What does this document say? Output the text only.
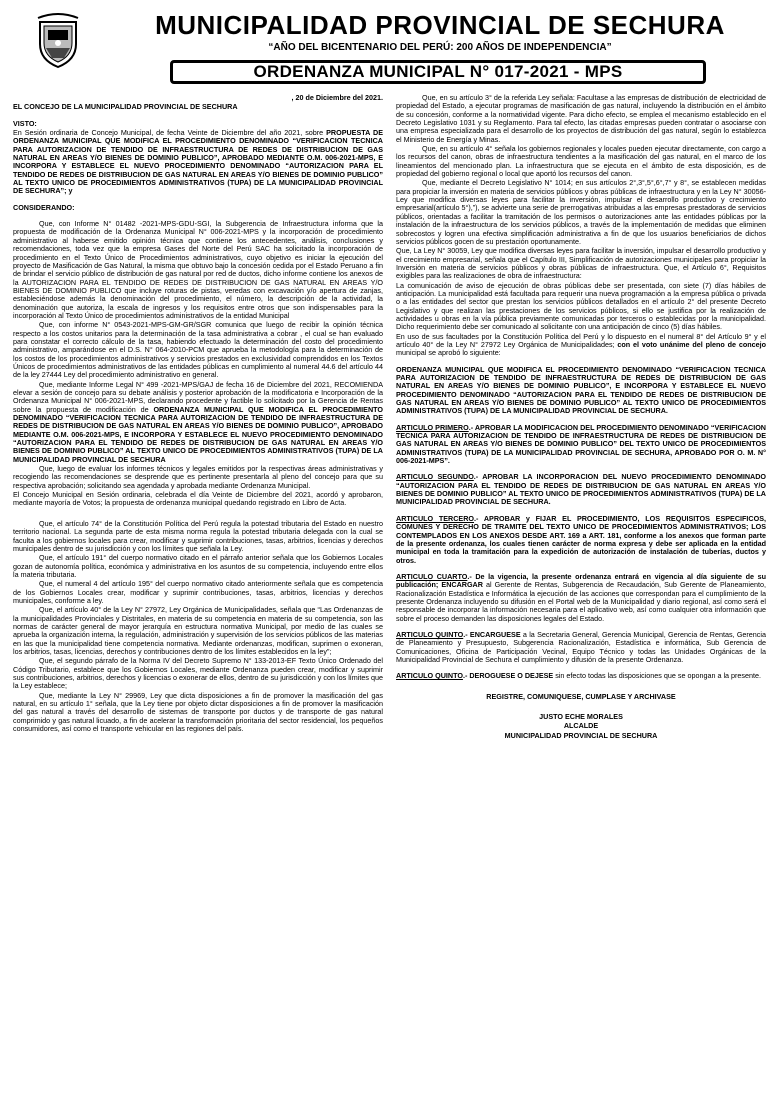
MUNICIPALIDAD PROVINCIAL DE SECHURA
“AÑO DEL BICENTENARIO DEL PERÚ: 200 AÑOS DE INDEPENDENCIA”
ORDENANZA MUNICIPAL N° 017-2021 - MPS

, 20 de Diciembre del 2021.

EL CONCEJO DE LA MUNICIPALIDAD PROVINCIAL DE SECHURA

VISTO:

En Sesión ordinaria de Concejo Municipal, de fecha Veinte de Diciembre del año 2021, sobre PROPUESTA DE ORDENANZA MUNICIPAL QUE MODIFICA EL PROCEDIMIENTO DENOMINADO “VERIFICACION TECNICA PARA AUTORIZACION DE TENDIDO DE INFRAESTRUCTURA DE REDES DE DISTRIBUCION DE GAS NATURAL EN AREAS Y/O BIENES DE DOMINIO PUBLICO”, APROBADO MEDIANTE O.M. 006-2021-MPS, E INCORPORA Y ESTABLECE EL NUEVO PROCEDIMIENTO DENOMINADO “AUTORIZACION PARA EL TENDIDO DE REDES DE DISTRIBUCION DE GAS NATURAL EN AREAS Y/O BIENES DE DOMINIO PUBLICO” AL TEXTO UNICO DE PROCEDIMIENTOS ADMINISTRATIVOS (TUPA) DE LA MUNICIPALIDAD PROVINCIAL DE SECHURA”; y

CONSIDERANDO:

Que, con Informe N° 01482 -2021-MPS-GDU-SGI, la Subgerencia de Infraestructura informa que la propuesta de modificación de la Ordenanza Municipal N° 006-2021-MPS y la incorporación de procedimiento administrativo al haberse emitido opinión técnica que contiene los antecedentes, análisis, conclusiones y recomendaciones, toda vez que la empresa Gases del Norte del Perú SAC ha solicitado la incorporación de procedimiento en el Texto Único de Procedimientos administrativos, cuyo objetivo es iniciar la ejecución del proyecto de Masificación de Gas Natural, la misma que obtuvo bajo la concesión cedida por el Estado Peruano a fin de brindar el servicio público de distribución de gas natural por red de ductos, dicho informe contiene los anexos de la AUTORIZACION PARA EL TENDIDO DE REDES DE DISTRIBUCION DE GAS NATURAL EN AREAS Y/O BIENES DE DOMINIO PUBLICO que incluye roturas de pistas, veredas con excavación y/o apertura de zanjas, estableciéndose además la denominación del procedimiento, el número, la descripción de la actividad, la denominación que autoriza, la escala de ingresos y los requisitos entre otros que son indispensables para la incorporación al Texto Único de procedimientos administrativos de la entidad Municipal

Que, con informe N° 0543-2021-MPS-GM-GR/SGR comunica que luego de recibir la opinión técnica respecto a los costos unitarios para la determinación de la tasa administrativa a cobrar , el cual se han evaluado para constatar el correcto cálculo de la tasa, habiendo efectuado la determinación del costo del procedimiento administrativo, amparándose en el D.S. N° 064-2010-PCM que aprueba la metodología para la determinación de los costos de los procedimientos administrativos y servicios prestados en exclusividad comprendidos en los Textos Únicos de procedimientos administrativos de las entidades públicas en cumplimiento al numeral 44.6 del artículo 44 de la ley 27444 Ley del procedimiento administrativo en general.

Que, mediante Informe Legal N° 499 -2021-MPS/GAJ de fecha 16 de Diciembre del 2021, RECOMIENDA elevar a sesión de concejo para su debate análisis y posterior aprobación de la modificatoria e Incorporación de la Ordenanza Municipal N° 006-2021-MPS, declarando procedente y factible lo solicitado por la Gerencia de Rentas sobre la propuesta de modificación de ORDENANZA MUNICIPAL QUE MODIFICA EL PROCEDIMIENTO DENOMINADO “VERIFICACION TECNICA PARA AUTORIZACION DE TENDIDO DE INFRAESTRUCTURA DE REDES DE DISTRIBUCION DE GAS NATURAL EN AREAS Y/O BIENES DE DOMINIO PUBLICO”, APROBADO MEDIANTE O.M. 006-2021-MPS, E INCORPORA Y ESTABLECE EL NUEVO PROCEDIMIENTO DENOMINADO “AUTORIZACION PARA EL TENDIDO DE REDES DE DISTRIBUCION DE GAS NATURAL EN AREAS Y/O BIENES DE DOMINIO PUBLICO” AL TEXTO UNICO DE PROCEDIMIENTOS ADMINISTRATIVOS (TUPA) DE LA MUNICIPALIDAD PROVINCIAL DE SECHURA

Que, luego de evaluar los informes técnicos y legales emitidos por la respectivas áreas administrativas y recogiendo las recomendaciones se desprende que es pertinente presentarla al pleno del concejo para que su respectiva aprobación; solicitando sea agendada y aprobada mediante Ordenanza Municipal.

El Concejo Municipal en Sesión ordinaria, celebrada el día Veinte de Diciembre del 2021, acordó y aprobaron, mediante mayoría de Votos; la propuesta de ordenanza municipal quedando registrado en Libro de Acta.

Que, el artículo 74° de la Constitución Política del Perú regula la potestad tributaria del Estado en nuestro territorio nacional. La segunda parte de esta misma norma regula la potestad tributaria delegada con la cual se faculta a los gobiernos locales para crear, modificar y suprimir contribuciones, tasas, arbitrios, licencias y derechos municipales dentro de su jurisdicción y con los límites que señala la Ley.

Que, el artículo 191° del cuerpo normativo citado en el párrafo anterior señala que los Gobiernos Locales gozan de autonomía política, económica y administrativa en los asuntos de su competencia, incluyendo entre ellos la materia tributaria.

Que, el numeral 4 del artículo 195° del cuerpo normativo citado anteriormente señala que es competencia de los Gobiernos Locales crear, modificar y suprimir contribuciones, tasas, arbitrios, licencias y derechos municipales, conforme a ley.

Que, el artículo 40° de la Ley N° 27972, Ley Orgánica de Municipalidades, señala que “Las Ordenanzas de la municipalidades Provinciales y Distritales, en materia de su competencia en materia de su competencia, son las normas de carácter general de mayor jerarquía en estructura normativa Municipal, por medio de las cuales se aprueba la organización interna, la regulación, administración y supervisión de los servicios públicos de las materias en las que la municipalidad tiene competencia normativa. Mediante ordenanzas, modifican, suprimen o exoneran, los arbitrios, tasas, licencias, derechos y contribuciones dentro de los límites establecidos en la ley”;

Que, el segundo párrafo de la Norma IV del Decreto Supremo N° 133-2013-EF Texto Único Ordenado del Código Tributario, establece que los Gobiernos Locales, mediante Ordenanza pueden crear, modificar y suprimir sus contribuciones, arbitrios, derechos y licencias o exonerar de ellos, dentro de su jurisdicción y con los límites que la Ley establece;

Que, mediante la Ley N° 29969, Ley que dicta disposiciones a fin de promover la masificación del gas natural, en su artículo 1° señala, que la Ley tiene por objeto dictar disposiciones a fin de promover la masificación del gas natural a través del desarrollo de sistemas de transporte por ductos y de transporte de gas natural comprimido y gas natural licuado, a fin de acelerar la transformación prioritaria del sector residencial, los pequeños consumidores, así como el transporte vehicular en las regiones del país.

Que, en su artículo 3° de la referida Ley señala: Facultase a las empresas de distribución de electricidad de propiedad del Estado, a ejecutar programas de masificación de gas natural, incluyendo la distribución en el ámbito de su concesión, conforme a la normatividad vigente. Para dicho efecto, se emplea el mecanismo establecido en el Decreto Legislativo 1031 y su Reglamento. Para tal efecto, las citadas empresas pueden contratar o asociarse con una empresa especializada para el desarrollo de los proyectos de distribución del gas natural, según lo establezca el Ministerio de Energía y Minas.

Que, en su artículo 4° señala los gobiernos regionales y locales pueden ejecutar directamente, con cargo a los recursos del canon, obras de infraestructura tendientes a la masificación del gas natural, en el marco de los lineamientos del mencionado plan. La infraestructura que se ejecuta en el ámbito de esta disposición, es de propiedad del gobierno regional o local que aportó los recursos del canon.

Que, mediante el Decreto Legislativo N° 1014; en sus artículos 2°,3°,5°,6°,7° y 8°, se establecen medidas para propiciar la inversión en materia de servicios públicos y obras públicas de infraestructura y en la Ley N° 30056- Ley que modifica diversas leyes para facilitar la inversión, impulsar el desarrollo productivo y crecimiento empresarial(artículo 5°),”), se advierte una serie de prerrogativas atribuidas a las empresas prestadoras de servicios públicos, orientadas a facilitar la tramitación de los permisos o autorizaciones ante las entidades públicas por la instalación de la infraestructura de los servicios públicos, a través de la implementación de medidas que eliminen sobrecostos y logren una efectiva simplificación administrativa a fin de que los usuarios beneficiarios de dichos servicios públicos gocen de su prestación oportunamente.

Que, La Ley N° 30059, Ley que modifica diversas leyes para facilitar la inversión, impulsar el desarrollo productivo y el crecimiento empresarial, señala que el Capítulo III, Simplificación de autorizaciones municipales para propiciar la Inversión en materia de servicios públicos y obras públicas de infraestructura. Que, el Artículo 6°, Requisitos exigibles para las realizaciones de obra de infraestructura:

La comunicación de aviso de ejecución de obras públicas debe ser presentada, con siete (7) días hábiles de anticipación. La municipalidad está facultada para requerir una nueva programación a la empresa pública o privada o a las entidades del sector que prestan los servicios públicos detallados en el artículo 2° del presente Decreto Legislativo y que realizan las prestaciones de los servicios públicos, si ello se justifica por la realización de actividades u obras en la vía pública previamente comunicadas por terceros o establecidas por la municipalidad. Dicho requerimiento debe ser comunicado al solicitante con una anticipación de cinco (5) días hábiles.

En uso de sus facultades por la Constitución Política del Perú y lo dispuesto en el numeral 8° del Artículo 9° y el artículo 40° de la Ley N° 27972 Ley Orgánica de Municipalidades; con el voto unánime del pleno de concejo municipal se aprobó lo siguiente:

ORDENANZA MUNICIPAL QUE MODIFICA EL PROCEDIMIENTO DENOMINADO “VERIFICACION TECNICA PARA AUTORIZACION DE TENDIDO DE INFRAESTRUCTURA DE REDES DE DISTRIBUCION DE GAS NATURAL EN AREAS Y/O BIENES DE DOMINIO PUBLICO”, E INCORPORA Y ESTABLECE EL NUEVO PROCEDIMIENTO DENOMINADO “AUTORIZACION PARA EL TENDIDO DE REDES DE DISTRIBUCION DE GAS NATURAL EN AREAS Y/O BIENES DE DOMINIO PUBLICO” AL TEXTO UNICO DE PROCEDIMIENTOS ADMINISTRATIVOS (TUPA) DE LA MUNICIPALIDAD PROVINCIAL DE SECHURA.

ARTICULO PRIMERO.- APROBAR LA MODIFICACION DEL PROCEDIMIENTO DENOMINADO “VERIFICACION TECNICA PARA AUTORIZACION DE TENDIDO DE INFRAESTRUCTURA DE REDES DE DISTRIBUCION DE GAS NATURAL EN AREAS Y/O BIENES DE DOMINIO PUBLICO” DEL TEXTO UNICO DE PROCEDIMIENTOS ADMINISTRATIVOS (TUPA) DE LA MUNICIPALIDAD PROVINCIAL DE SECHURA, APROBADO POR O. M. N° 006-2021-MPS”.

ARTICULO SEGUNDO.- APROBAR LA INCORPORACION DEL NUEVO PROCEDIMIENTO DENOMINADO “AUTORIZACION PARA EL TENDIDO DE REDES DE DISTRIBUCION DE GAS NATURAL EN AREAS Y/O BIENES DE DOMINIO PUBLICO” AL TEXTO UNICO DE PROCEDIMIENTOS ADMINISTRATIVOS (TUPA) DE LA MUNICIPALIDAD PROVINCIAL DE SECHURA.

ARTICULO TERCERO.- APROBAR y FIJAR EL PROCEDIMIENTO, LOS REQUISITOS ESPECIFICOS, COMUNES Y DERECHO DE TRAMITE DEL TEXTO UNICO DE PROCEDIMIENTOS ADMINISTRATIVOS; LOS CONTEMPLADOS EN LOS ANEXOS DESDE ART. 169 a ART. 181, conforme a los anexos que forman parte de la presente ordenanza, los cuales tienen carácter de norma expresa y debe ser aplicada en la entidad municipal en toda la tramitación para la expedición de autorización de instalación de tuberías, ductos y otros.

ARTICULO CUARTO.- De la vigencia, la presente ordenanza entrará en vigencia al día siguiente de su publicación; ENCARGAR al Gerente de Rentas, Subgerencia de Recaudación, Sub Gerente de Planeamiento, Racionalización Estadística e Informática la ejecución de las acciones que correspondan para el cumplimiento de la presente Ordenanza incluyendo su difusión en el Portal web de la Municipalidad y diario regional, así como será el responsable de incorporar la información necesaria para el aplicativo web, así como cualquier otra información que sobre el proceso demanden las disposiciones legales del Estado.

ARTICULO QUINTO.- ENCARGUESE a la Secretaria General, Gerencia Municipal, Gerencia de Rentas, Gerencia de Planeamiento y Presupuesto, Subgerencia Racionalización, Estadística e informática, Sub Gerencia de Comunicaciones, Oficina de Participación Vecinal, Equipo Técnico y todas las Unidades Orgánicas de la Municipalidad Provincial de Sechura el cumplimiento y difusión de la presente Ordenanza.

ARTICULO QUINTO.- DEROGUESE O DEJESE sin efecto todas las disposiciones que se opongan a la presente.

REGISTRE, COMUNIQUESE, CUMPLASE Y ARCHIVASE

JUSTO ECHE MORALES

ALCALDE

MUNICIPALIDAD PROVINCIAL DE SECHURA
